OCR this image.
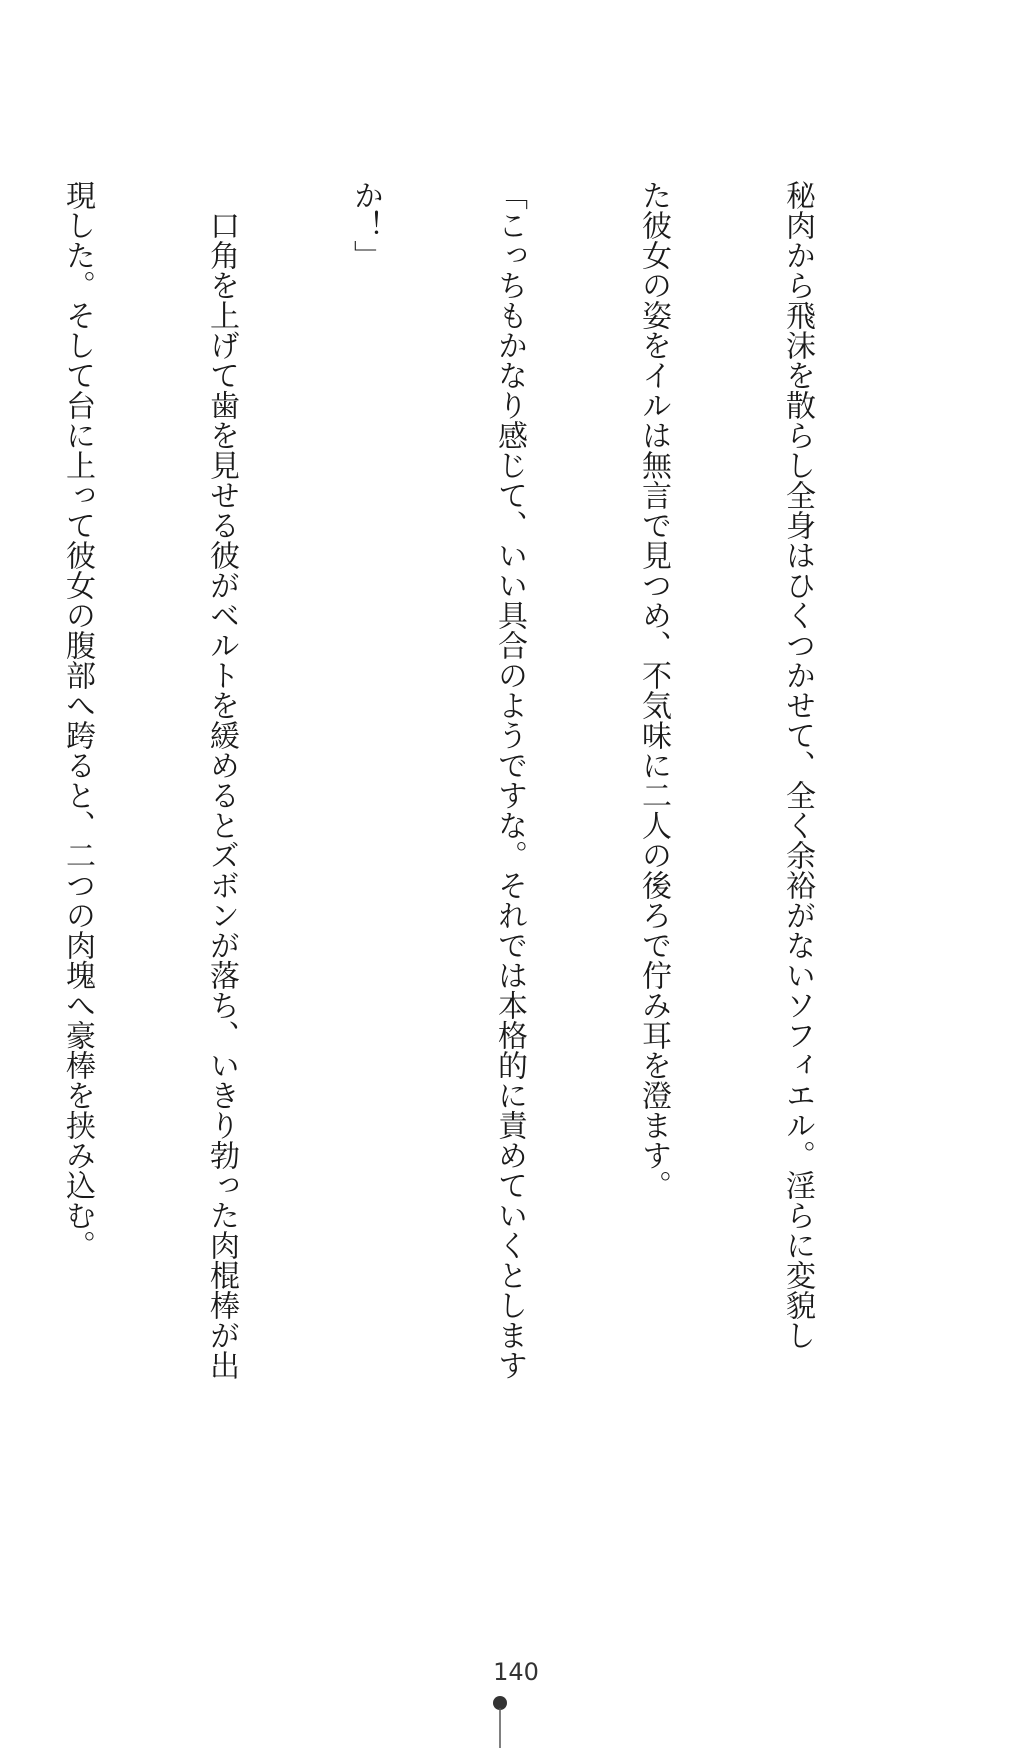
秘肉から飛沫を散らし全身はひくつかせて、全く余裕がないソフィエル。淫らに変貌し

た彼女の姿をイルは無言で見つめ、不気味に二人の後ろで佇み耳を澄ます。

「こっちもかなり感じて、いい具合のようですな。それでは本格的に責めていくとします

か！」

　口角を上げて歯を見せる彼がベルトを緩めるとズボンが落ち、いきり勃った肉棍棒が出

現した。そして台に上って彼女の腹部へ跨ると、二つの肉塊へ豪棒を挟み込む。

140
